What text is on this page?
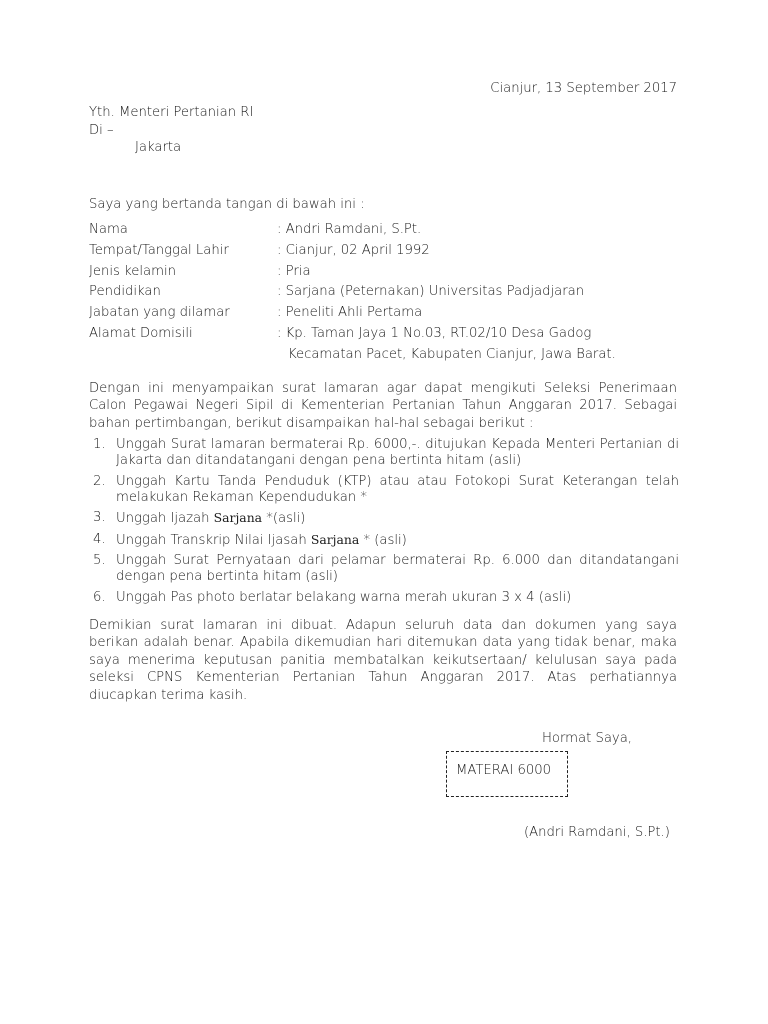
Cianjur, 13 September 2017
Yth. Menteri Pertanian RI
Di –
Jakarta
Saya yang bertanda tangan di bawah ini :
Nama	: Andri Ramdani, S.Pt.
Tempat/Tanggal Lahir	: Cianjur, 02 April 1992
Jenis kelamin	: Pria
Pendidikan	: Sarjana (Peternakan) Universitas Padjadjaran
Jabatan yang dilamar	: Peneliti Ahli Pertama
Alamat Domisili	: Kp. Taman Jaya 1 No.03, RT.02/10 Desa Gadog
Kecamatan Pacet, Kabupaten Cianjur, Jawa Barat.
Dengan ini menyampaikan surat lamaran agar dapat mengikuti Seleksi Penerimaan Calon Pegawai Negeri Sipil di Kementerian Pertanian Tahun Anggaran 2017. Sebagai bahan pertimbangan, berikut disampaikan hal-hal sebagai berikut :
1. Unggah Surat lamaran bermaterai Rp. 6000,-. ditujukan Kepada Menteri Pertanian di Jakarta dan ditandatangani dengan pena bertinta hitam (asli)
2. Unggah Kartu Tanda Penduduk (KTP) atau atau Fotokopi Surat Keterangan telah melakukan Rekaman Kependudukan *
3. Unggah Ijazah Sarjana *(asli)
4. Unggah Transkrip Nilai Ijasah Sarjana * (asli)
5. Unggah Surat Pernyataan dari pelamar bermaterai Rp. 6.000 dan ditandatangani dengan pena bertinta hitam (asli)
6. Unggah Pas photo berlatar belakang warna merah ukuran 3 x 4 (asli)
Demikian surat lamaran ini dibuat. Adapun seluruh data dan dokumen yang saya berikan adalah benar. Apabila dikemudian hari ditemukan data yang tidak benar, maka saya menerima keputusan panitia membatalkan keikutsertaan/ kelulusan saya pada seleksi CPNS Kementerian Pertanian Tahun Anggaran 2017. Atas perhatiannya diucapkan terima kasih.
Hormat Saya,
MATERAI 6000
(Andri Ramdani, S.Pt.)
